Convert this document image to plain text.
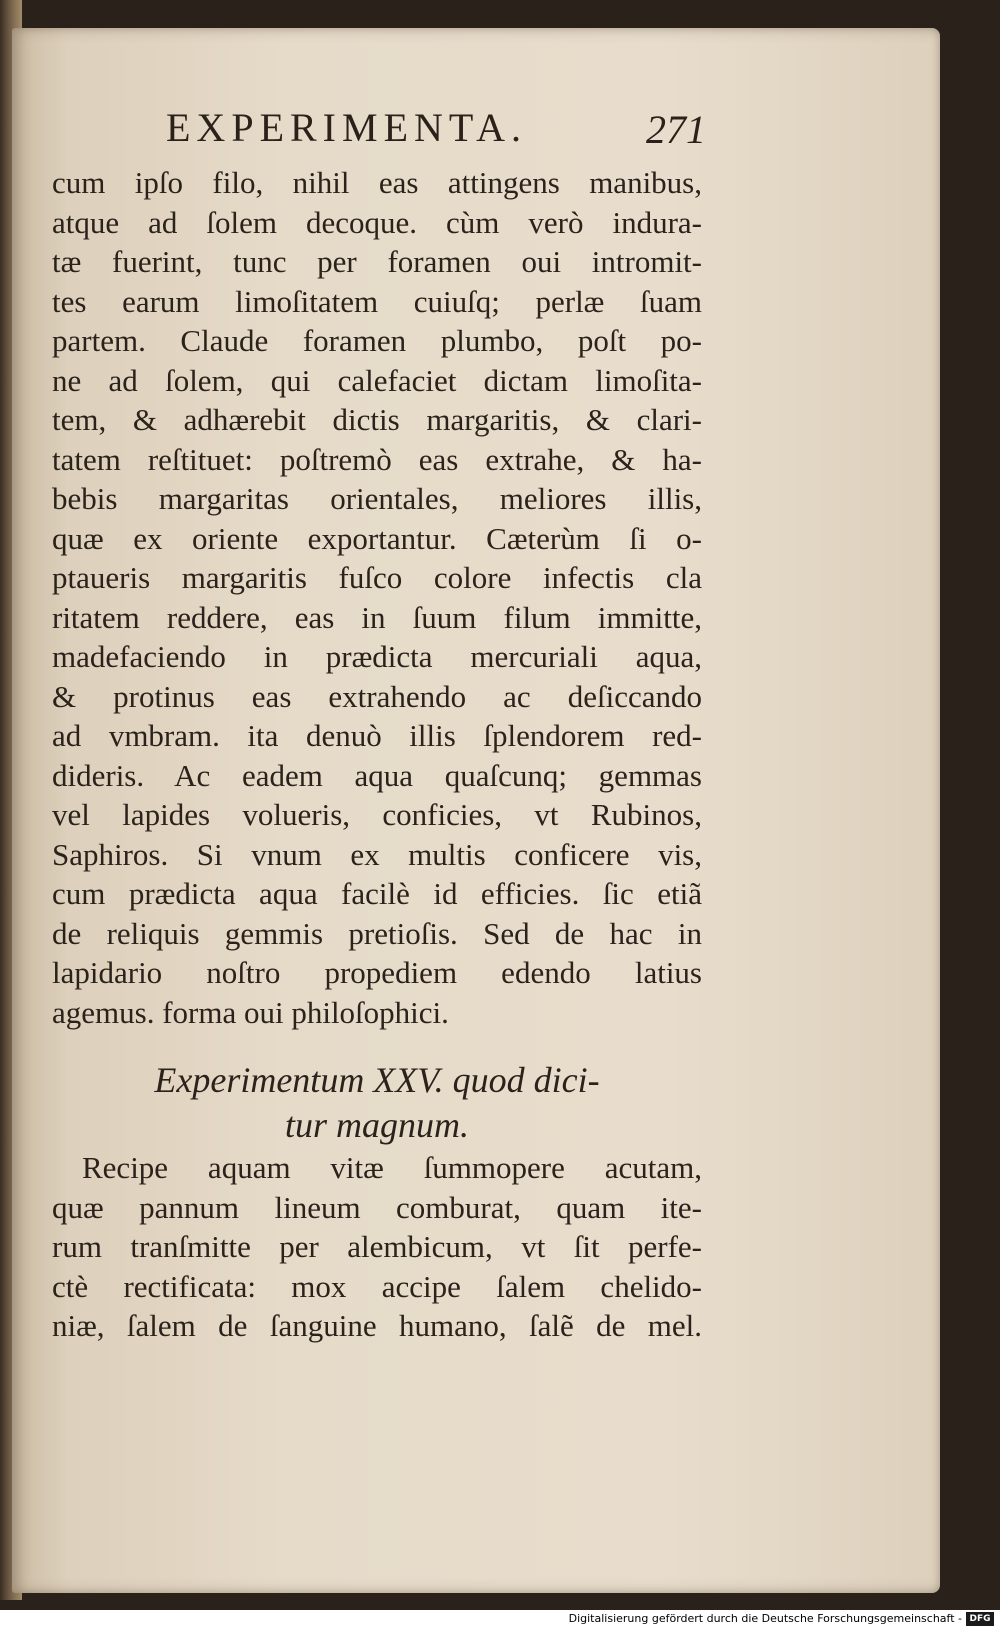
EXPERIMENTA.	271
cum ipſo filo, nihil eas attingens manibus,
atque ad ſolem decoque. cùm verò indura-
tæ fuerint, tunc per foramen oui intromit-
tes earum limoſitatem cuiuſq; perlæ ſuam
partem. Claude foramen plumbo, poſt po-
ne ad ſolem, qui calefaciet dictam limoſita-
tem, & adhærebit dictis margaritis, & clari-
tatem reſtituet: poſtremò eas extrahe, & ha-
bebis margaritas orientales, meliores illis,
quæ ex oriente exportantur. Cæterùm ſi o-
ptaueris margaritis fuſco colore infectis cla
ritatem reddere, eas in ſuum filum immitte,
madefaciendo in prædicta mercuriali aqua,
& protinus eas extrahendo ac deſiccando
ad vmbram. ita denuò illis ſplendorem red-
dideris. Ac eadem aqua quaſcunq; gemmas
vel lapides volueris, conficies, vt Rubinos,
Saphiros. Si vnum ex multis conficere vis,
cum prædicta aqua facilè id efficies. ſic etiã
de reliquis gemmis pretioſis. Sed de hac in
lapidario noſtro propediem edendo latius
agemus. forma oui philoſophici.
Experimentum XXV. quod dici-
tur magnum.
Recipe aquam vitæ ſummopere acutam,
quæ pannum lineum comburat, quam ite-
rum tranſmitte per alembicum, vt ſit perfe-
ctè rectificata: mox accipe ſalem chelido-
niæ, ſalem de ſanguine humano, ſalẽ de mel.
Digitalisierung gefördert durch die Deutsche Forschungsgemeinschaft - DFG
